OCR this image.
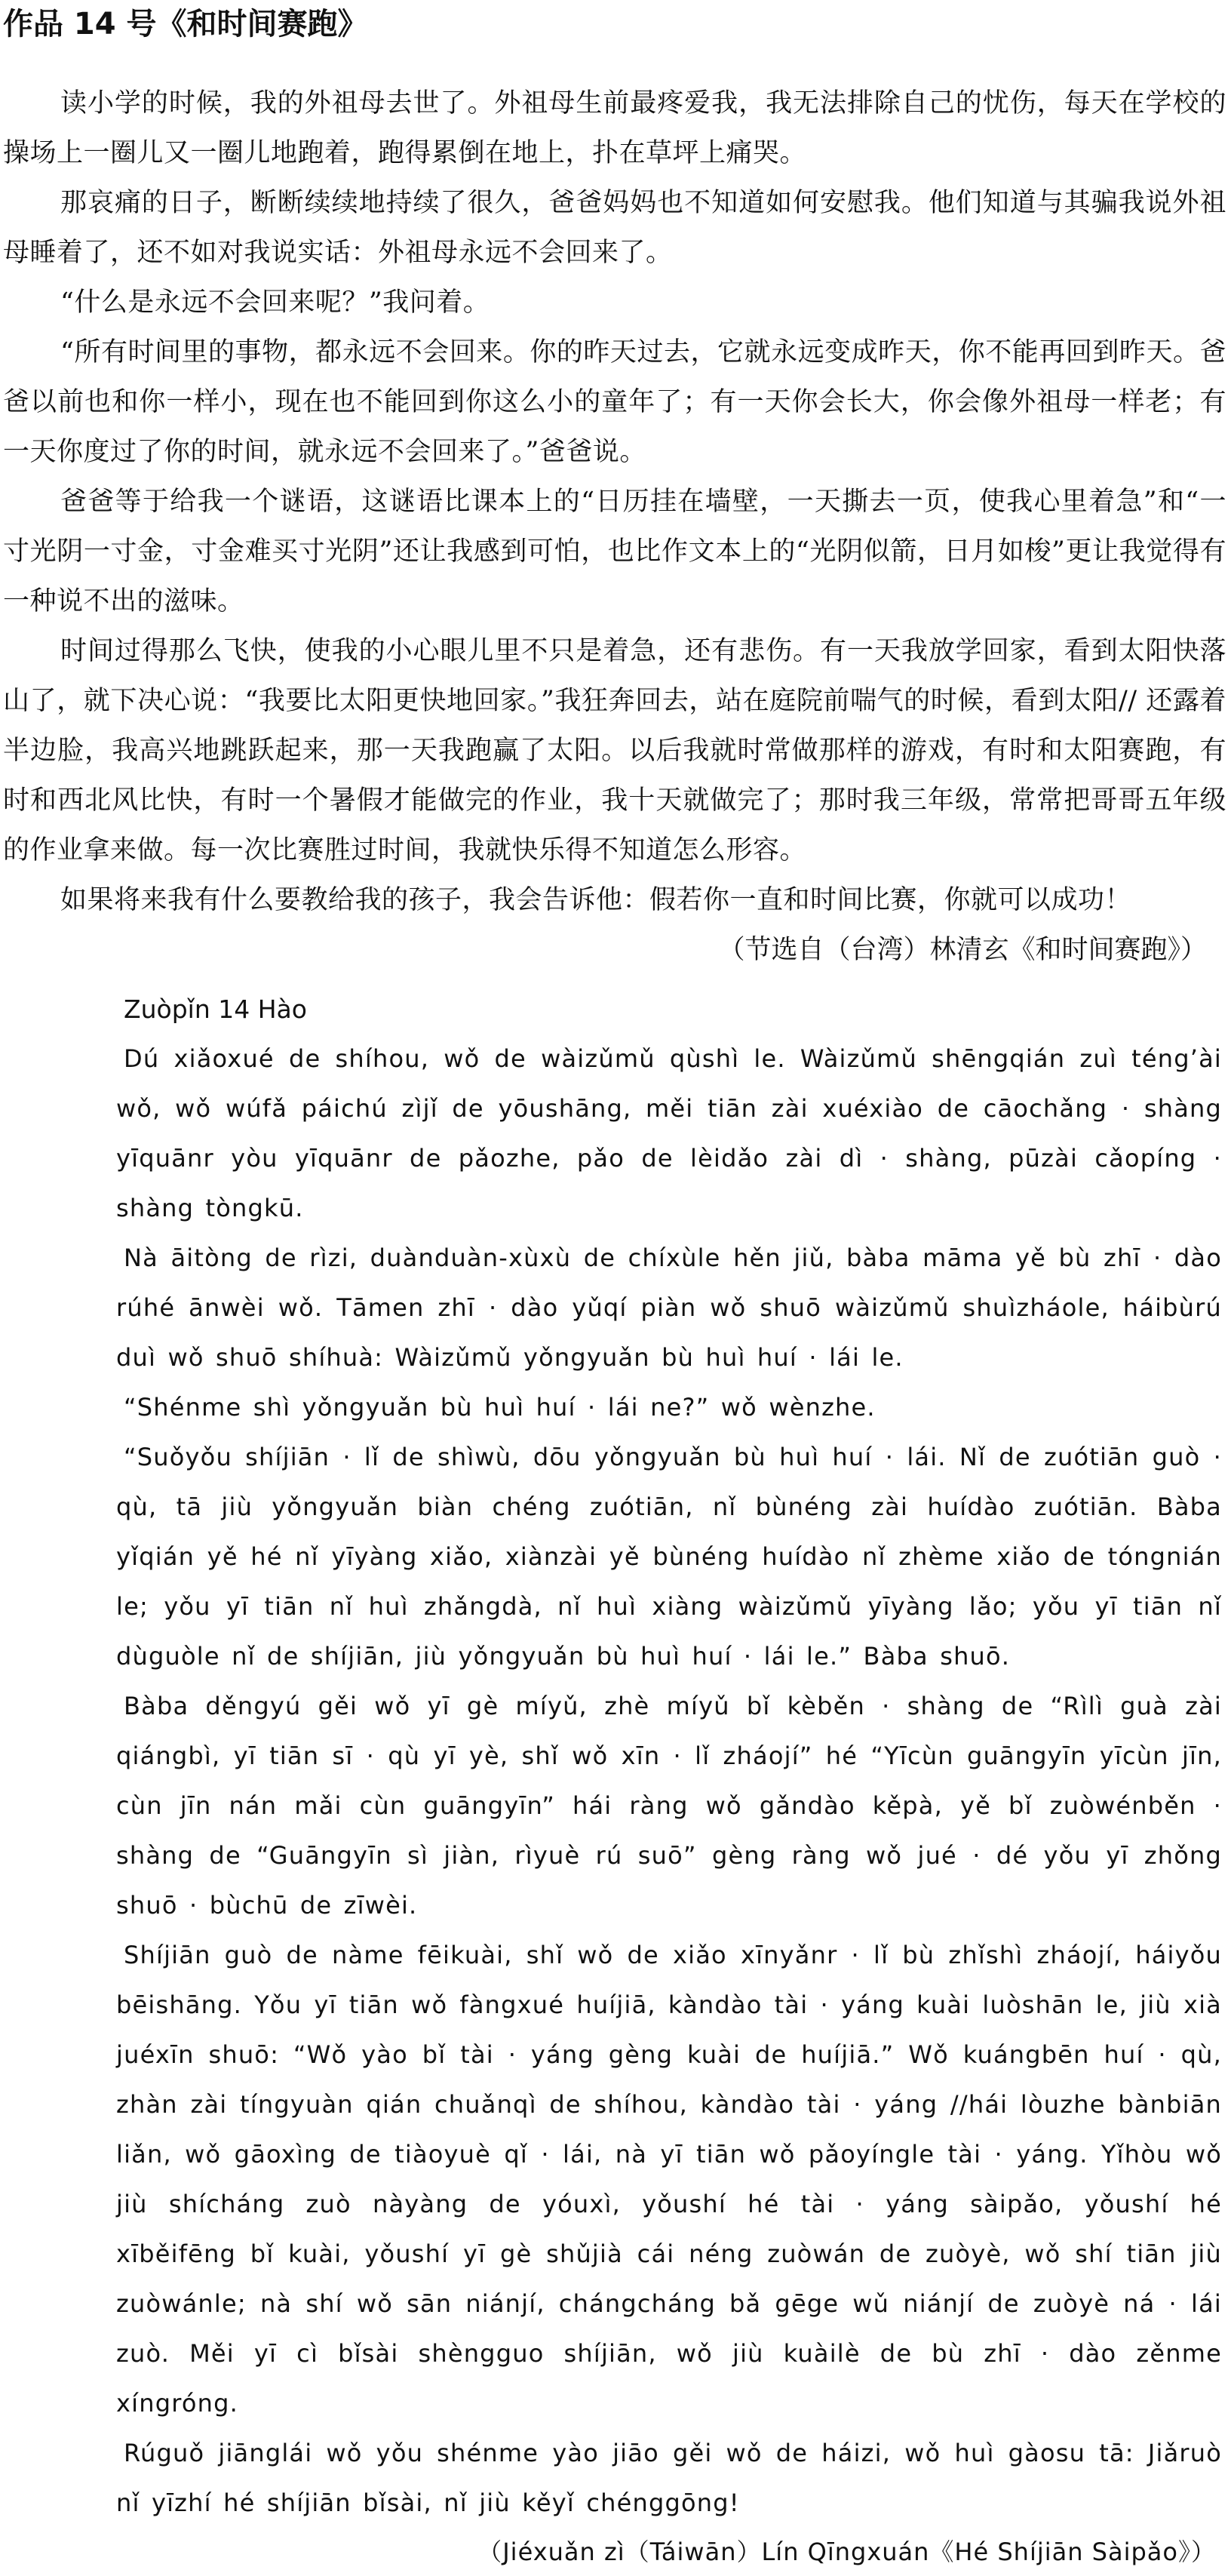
作品 14 号《和时间赛跑》

读小学的时候，我的外祖母去世了。外祖母生前最疼爱我，我无法排除自己的忧伤，每天在学校的操场上一圈儿又一圈儿地跑着，跑得累倒在地上，扑在草坪上痛哭。

那哀痛的日子，断断续续地持续了很久，爸爸妈妈也不知道如何安慰我。他们知道与其骗我说外祖母睡着了，还不如对我说实话：外祖母永远不会回来了。

“什么是永远不会回来呢？”我问着。

“所有时间里的事物，都永远不会回来。你的昨天过去，它就永远变成昨天，你不能再回到昨天。爸爸以前也和你一样小，现在也不能回到你这么小的童年了；有一天你会长大，你会像外祖母一样老；有一天你度过了你的时间，就永远不会回来了。”爸爸说。

爸爸等于给我一个谜语，这谜语比课本上的“日历挂在墙壁，一天撕去一页，使我心里着急”和“一寸光阴一寸金，寸金难买寸光阴”还让我感到可怕，也比作文本上的“光阴似箭，日月如梭”更让我觉得有一种说不出的滋味。

时间过得那么飞快，使我的小心眼儿里不只是着急，还有悲伤。有一天我放学回家，看到太阳快落山了，就下决心说：“我要比太阳更快地回家。”我狂奔回去，站在庭院前喘气的时候，看到太阳// 还露着半边脸，我高兴地跳跃起来，那一天我跑赢了太阳。以后我就时常做那样的游戏，有时和太阳赛跑，有时和西北风比快，有时一个暑假才能做完的作业，我十天就做完了；那时我三年级，常常把哥哥五年级的作业拿来做。每一次比赛胜过时间，我就快乐得不知道怎么形容。

如果将来我有什么要教给我的孩子，我会告诉他：假若你一直和时间比赛，你就可以成功！

（节选自（台湾）林清玄《和时间赛跑》）

Zuòpǐn 14 Hào

Dú xiǎoxué de shíhou, wǒ de wàizǔmǔ qùshì le. Wàizǔmǔ shēngqián zuì téng’ài wǒ, wǒ wúfǎ páichú zìjǐ de yōushāng, měi tiān zài xuéxiào de cāochǎng · shàng yīquānr yòu yīquānr de pǎozhe, pǎo de lèidǎo zài dì · shàng, pūzài cǎopíng · shàng tòngkū.

Nà āitòng de rìzi, duànduàn-xùxù de chíxùle hěn jiǔ, bàba māma yě bù zhī · dào rúhé ānwèi wǒ. Tāmen zhī · dào yǔqí piàn wǒ shuō wàizǔmǔ shuìzháole, háibùrú duì wǒ shuō shíhuà: Wàizǔmǔ yǒngyuǎn bù huì huí · lái le.

“Shénme shì yǒngyuǎn bù huì huí · lái ne?” wǒ wènzhe.

“Suǒyǒu shíjiān · lǐ de shìwù, dōu yǒngyuǎn bù huì huí · lái. Nǐ de zuótiān guò · qù, tā jiù yǒngyuǎn biàn chéng zuótiān, nǐ bùnéng zài huídào zuótiān. Bàba yǐqián yě hé nǐ yīyàng xiǎo, xiànzài yě bùnéng huídào nǐ zhème xiǎo de tóngnián le; yǒu yī tiān nǐ huì zhǎngdà, nǐ huì xiàng wàizǔmǔ yīyàng lǎo; yǒu yī tiān nǐ dùguòle nǐ de shíjiān, jiù yǒngyuǎn bù huì huí · lái le.” Bàba shuō.

Bàba děngyú gěi wǒ yī gè míyǔ, zhè míyǔ bǐ kèběn · shàng de “Rìlì guà zài qiángbì, yī tiān sī · qù yī yè, shǐ wǒ xīn · lǐ zháojí” hé “Yīcùn guāngyīn yīcùn jīn, cùn jīn nán mǎi cùn guāngyīn” hái ràng wǒ gǎndào kěpà, yě bǐ zuòwénběn · shàng de “Guāngyīn sì jiàn, rìyuè rú suō” gèng ràng wǒ jué · dé yǒu yī zhǒng shuō · bùchū de zīwèi.

Shíjiān guò de nàme fēikuài, shǐ wǒ de xiǎo xīnyǎnr · lǐ bù zhǐshì zháojí, háiyǒu bēishāng. Yǒu yī tiān wǒ fàngxué huíjiā, kàndào tài · yáng kuài luòshān le, jiù xià juéxīn shuō: “Wǒ yào bǐ tài · yáng gèng kuài de huíjiā.” Wǒ kuángbēn huí · qù, zhàn zài tíngyuàn qián chuǎnqì de shíhou, kàndào tài · yáng //hái lòuzhe bànbiān liǎn, wǒ gāoxìng de tiàoyuè qǐ · lái, nà yī tiān wǒ pǎoyíngle tài · yáng. Yǐhòu wǒ jiù shícháng zuò nàyàng de yóuxì, yǒushí hé tài · yáng sàipǎo, yǒushí hé xīběifēng bǐ kuài, yǒushí yī gè shǔjià cái néng zuòwán de zuòyè, wǒ shí tiān jiù zuòwánle; nà shí wǒ sān niánjí, chángcháng bǎ gēge wǔ niánjí de zuòyè ná · lái zuò. Měi yī cì bǐsài shèngguo shíjiān, wǒ jiù kuàilè de bù zhī · dào zěnme xíngróng.

Rúguǒ jiānglái wǒ yǒu shénme yào jiāo gěi wǒ de háizi, wǒ huì gàosu tā: Jiǎruò nǐ yīzhí hé shíjiān bǐsài, nǐ jiù kěyǐ chénggōng!

（Jiéxuǎn zì（Táiwān）Lín Qīngxuán《Hé Shíjiān Sàipǎo》）
